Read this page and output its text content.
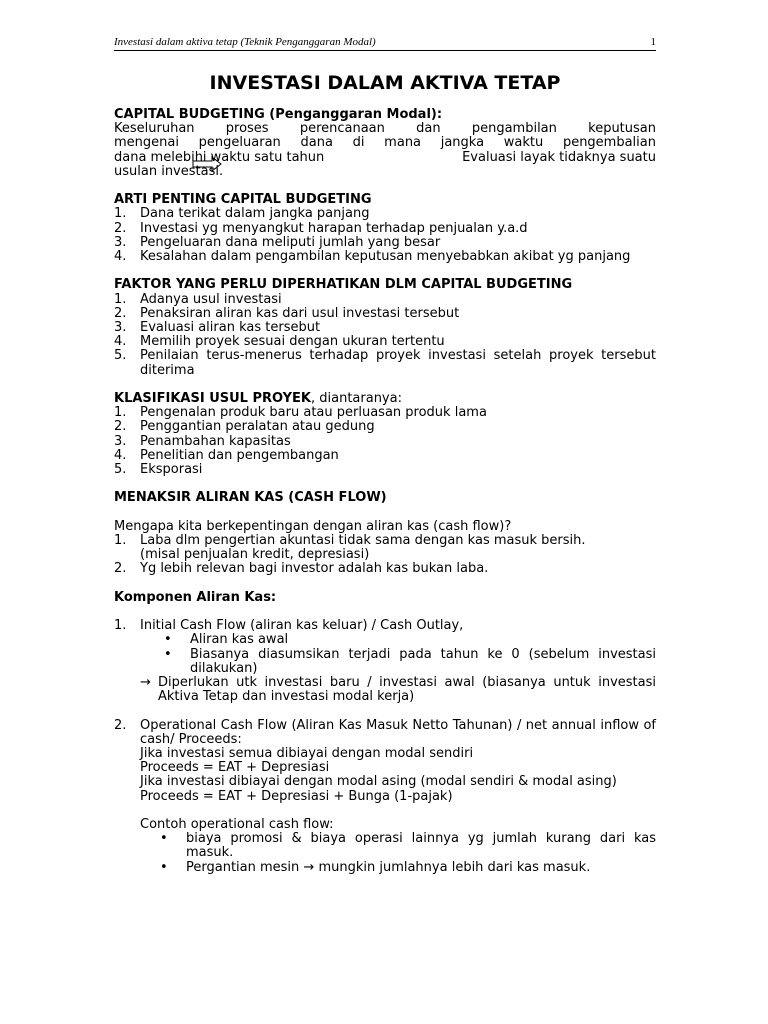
Investasi dalam aktiva tetap (Teknik Penganggaran Modal)	1
INVESTASI DALAM AKTIVA TETAP

CAPITAL BUDGETING (Penganggaran Modal):

Keseluruhan proses perencanaan dan pengambilan keputusan

mengenai pengeluaran dana di mana jangka waktu pengembalian

dana melebihi waktu satu tahun	Evaluasi layak tidaknya suatu

usulan investasi.

ARTI PENTING CAPITAL BUDGETING

1.	Dana terikat dalam jangka panjang
2.	Investasi yg menyangkut harapan terhadap penjualan y.a.d
3.	Pengeluaran dana meliputi jumlah yang besar
4.	Kesalahan dalam pengambilan keputusan menyebabkan akibat yg panjang

FAKTOR YANG PERLU DIPERHATIKAN DLM CAPITAL BUDGETING

1.	Adanya usul investasi
2.	Penaksiran aliran kas dari usul investasi tersebut
3.	Evaluasi aliran kas tersebut
4.	Memilih proyek sesuai dengan ukuran tertentu
5.	Penilaian terus-menerus terhadap proyek investasi setelah proyek tersebut diterima

KLASIFIKASI USUL PROYEK, diantaranya:

1.	Pengenalan produk baru atau perluasan produk lama
2.	Penggantian peralatan atau gedung
3.	Penambahan kapasitas
4.	Penelitian dan pengembangan
5.	Eksporasi

MENAKSIR ALIRAN KAS (CASH FLOW)

Mengapa kita berkepentingan dengan aliran kas (cash flow)?

1.	Laba dlm pengertian akuntasi tidak sama dengan kas masuk bersih.

(misal penjualan kredit, depresiasi)

2.	Yg lebih relevan bagi investor adalah kas bukan laba.

Komponen Aliran Kas:

1.	Initial Cash Flow (aliran kas keluar) / Cash Outlay,
•	Aliran kas awal
•	Biasanya diasumsikan terjadi pada tahun ke 0 (sebelum investasi dilakukan)
→ Diperlukan utk investasi baru / investasi awal (biasanya untuk investasi Aktiva Tetap dan investasi modal kerja)
2.	Operational Cash Flow (Aliran Kas Masuk Netto Tahunan) / net annual inflow of cash/ Proceeds:

Jika investasi semua dibiayai dengan modal sendiri

Proceeds = EAT + Depresiasi

Jika investasi dibiayai dengan modal asing (modal sendiri & modal asing)

Proceeds = EAT + Depresiasi + Bunga (1-pajak)

Contoh operational cash flow:

•	biaya promosi & biaya operasi lainnya yg jumlah kurang dari kas masuk.
•	Pergantian mesin → mungkin jumlahnya lebih dari kas masuk.
